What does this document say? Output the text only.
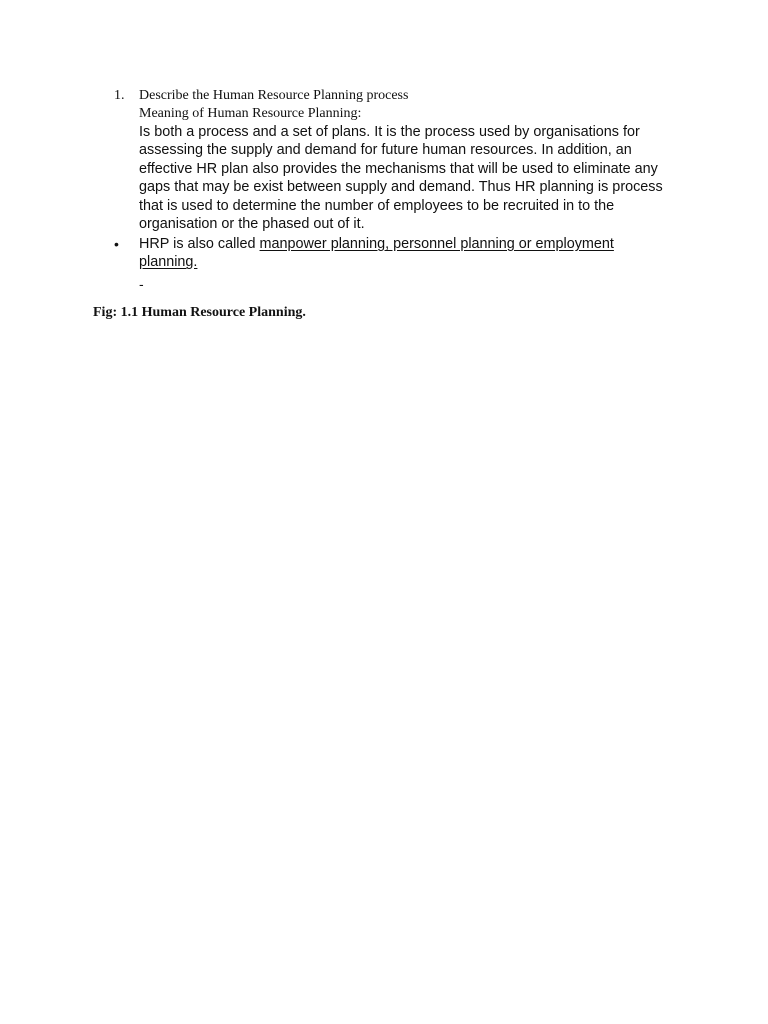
1. Describe the Human Resource Planning process
Meaning of Human Resource Planning:

Is both a process and a set of plans. It is the process used by organisations for assessing the supply and demand for future human resources. In addition, an effective HR plan also provides the mechanisms that will be used to eliminate any gaps that may be exist between supply and demand. Thus HR planning is process that is used to determine the number of employees to be recruited in to the organisation or the phased out of it.

• HRP is also called manpower planning, personnel planning or employment planning.
-
Fig: 1.1 Human Resource Planning.
